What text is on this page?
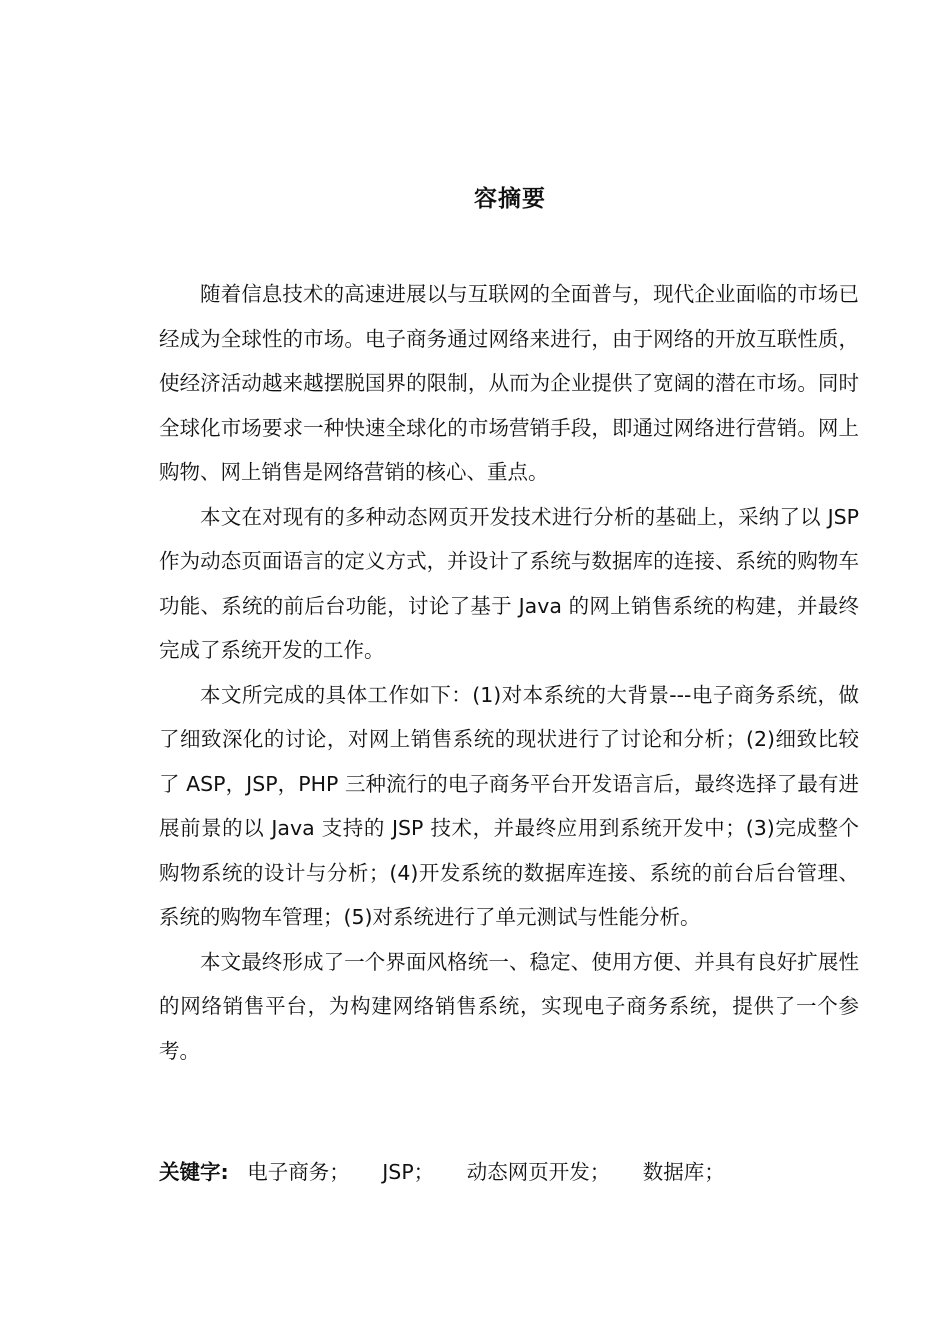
容摘要

随着信息技术的高速进展以与互联网的全面普与，现代企业面临的市场已经成为全球性的市场。电子商务通过网络来进行，由于网络的开放互联性质，使经济活动越来越摆脱国界的限制，从而为企业提供了宽阔的潜在市场。同时全球化市场要求一种快速全球化的市场营销手段，即通过网络进行营销。网上购物、网上销售是网络营销的核心、重点。

本文在对现有的多种动态网页开发技术进行分析的基础上，采纳了以 JSP 作为动态页面语言的定义方式，并设计了系统与数据库的连接、系统的购物车功能、系统的前后台功能，讨论了基于 Java 的网上销售系统的构建，并最终完成了系统开发的工作。

本文所完成的具体工作如下：(1)对本系统的大背景---电子商务系统，做了细致深化的讨论，对网上销售系统的现状进行了讨论和分析；(2)细致比较了 ASP，JSP，PHP 三种流行的电子商务平台开发语言后，最终选择了最有进展前景的以 Java 支持的 JSP 技术，并最终应用到系统开发中；(3)完成整个购物系统的设计与分析；(4)开发系统的数据库连接、系统的前台后台管理、系统的购物车管理；(5)对系统进行了单元测试与性能分析。

本文最终形成了一个界面风格统一、稳定、使用方便、并具有良好扩展性的网络销售平台，为构建网络销售系统，实现电子商务系统，提供了一个参考。

关键字: 电子商务； JSP； 动态网页开发； 数据库；
